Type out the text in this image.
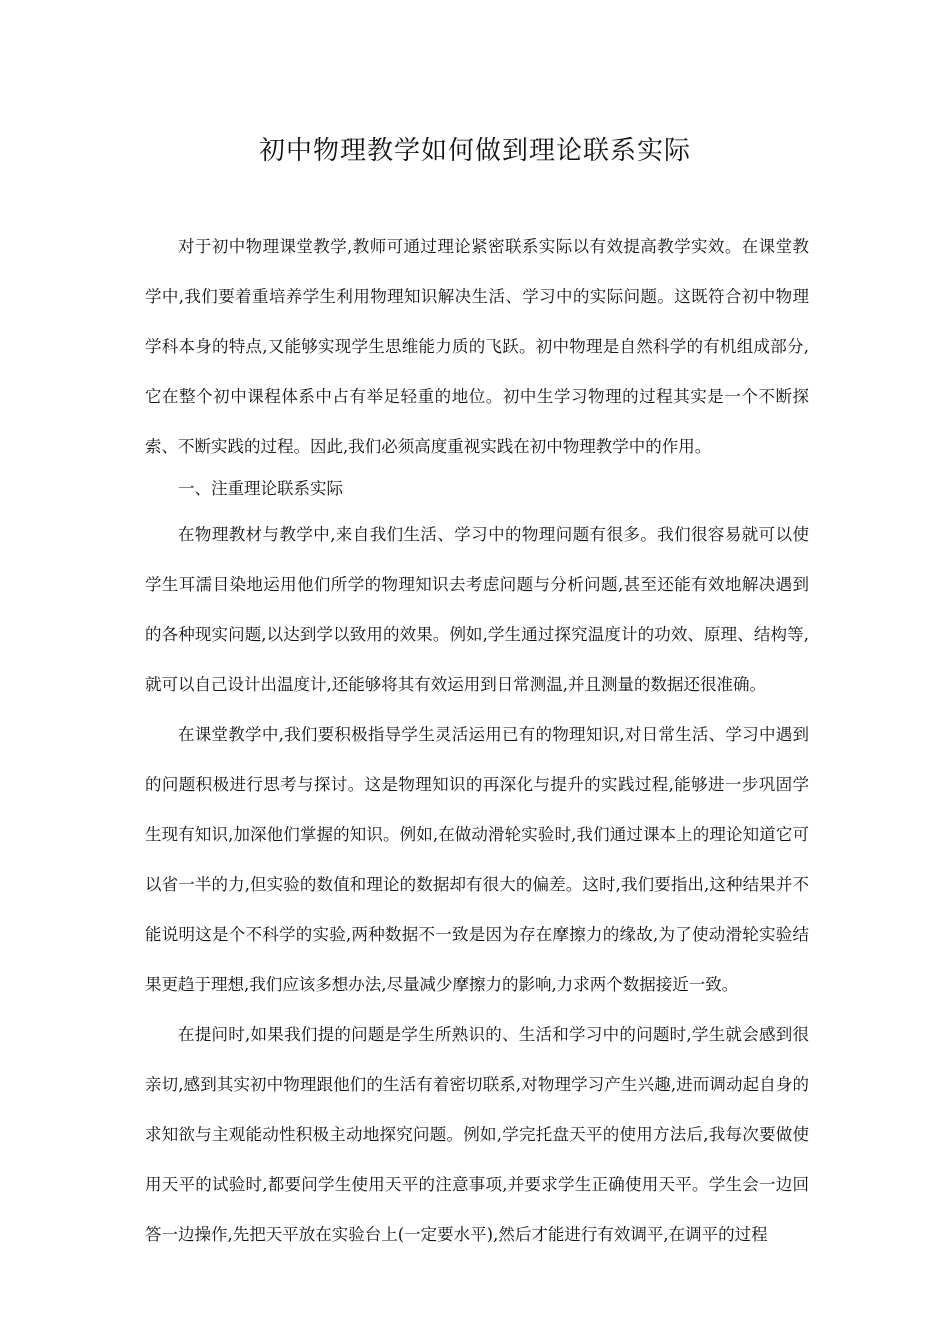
初中物理教学如何做到理论联系实际

对于初中物理课堂教学,教师可通过理论紧密联系实际以有效提高教学实效。在课堂教学中,我们要着重培养学生利用物理知识解决生活、学习中的实际问题。这既符合初中物理学科本身的特点,又能够实现学生思维能力质的飞跃。初中物理是自然科学的有机组成部分,它在整个初中课程体系中占有举足轻重的地位。初中生学习物理的过程其实是一个不断探索、不断实践的过程。因此,我们必须高度重视实践在初中物理教学中的作用。

一、注重理论联系实际

在物理教材与教学中,来自我们生活、学习中的物理问题有很多。我们很容易就可以使学生耳濡目染地运用他们所学的物理知识去考虑问题与分析问题,甚至还能有效地解决遇到的各种现实问题,以达到学以致用的效果。例如,学生通过探究温度计的功效、原理、结构等,就可以自己设计出温度计,还能够将其有效运用到日常测温,并且测量的数据还很准确。

在课堂教学中,我们要积极指导学生灵活运用已有的物理知识,对日常生活、学习中遇到的问题积极进行思考与探讨。这是物理知识的再深化与提升的实践过程,能够进一步巩固学生现有知识,加深他们掌握的知识。例如,在做动滑轮实验时,我们通过课本上的理论知道它可以省一半的力,但实验的数值和理论的数据却有很大的偏差。这时,我们要指出,这种结果并不能说明这是个不科学的实验,两种数据不一致是因为存在摩擦力的缘故,为了使动滑轮实验结果更趋于理想,我们应该多想办法,尽量减少摩擦力的影响,力求两个数据接近一致。

在提问时,如果我们提的问题是学生所熟识的、生活和学习中的问题时,学生就会感到很亲切,感到其实初中物理跟他们的生活有着密切联系,对物理学习产生兴趣,进而调动起自身的求知欲与主观能动性积极主动地探究问题。例如,学完托盘天平的使用方法后,我每次要做使用天平的试验时,都要问学生使用天平的注意事项,并要求学生正确使用天平。学生会一边回答一边操作,先把天平放在实验台上(一定要水平),然后才能进行有效调平,在调平的过程
